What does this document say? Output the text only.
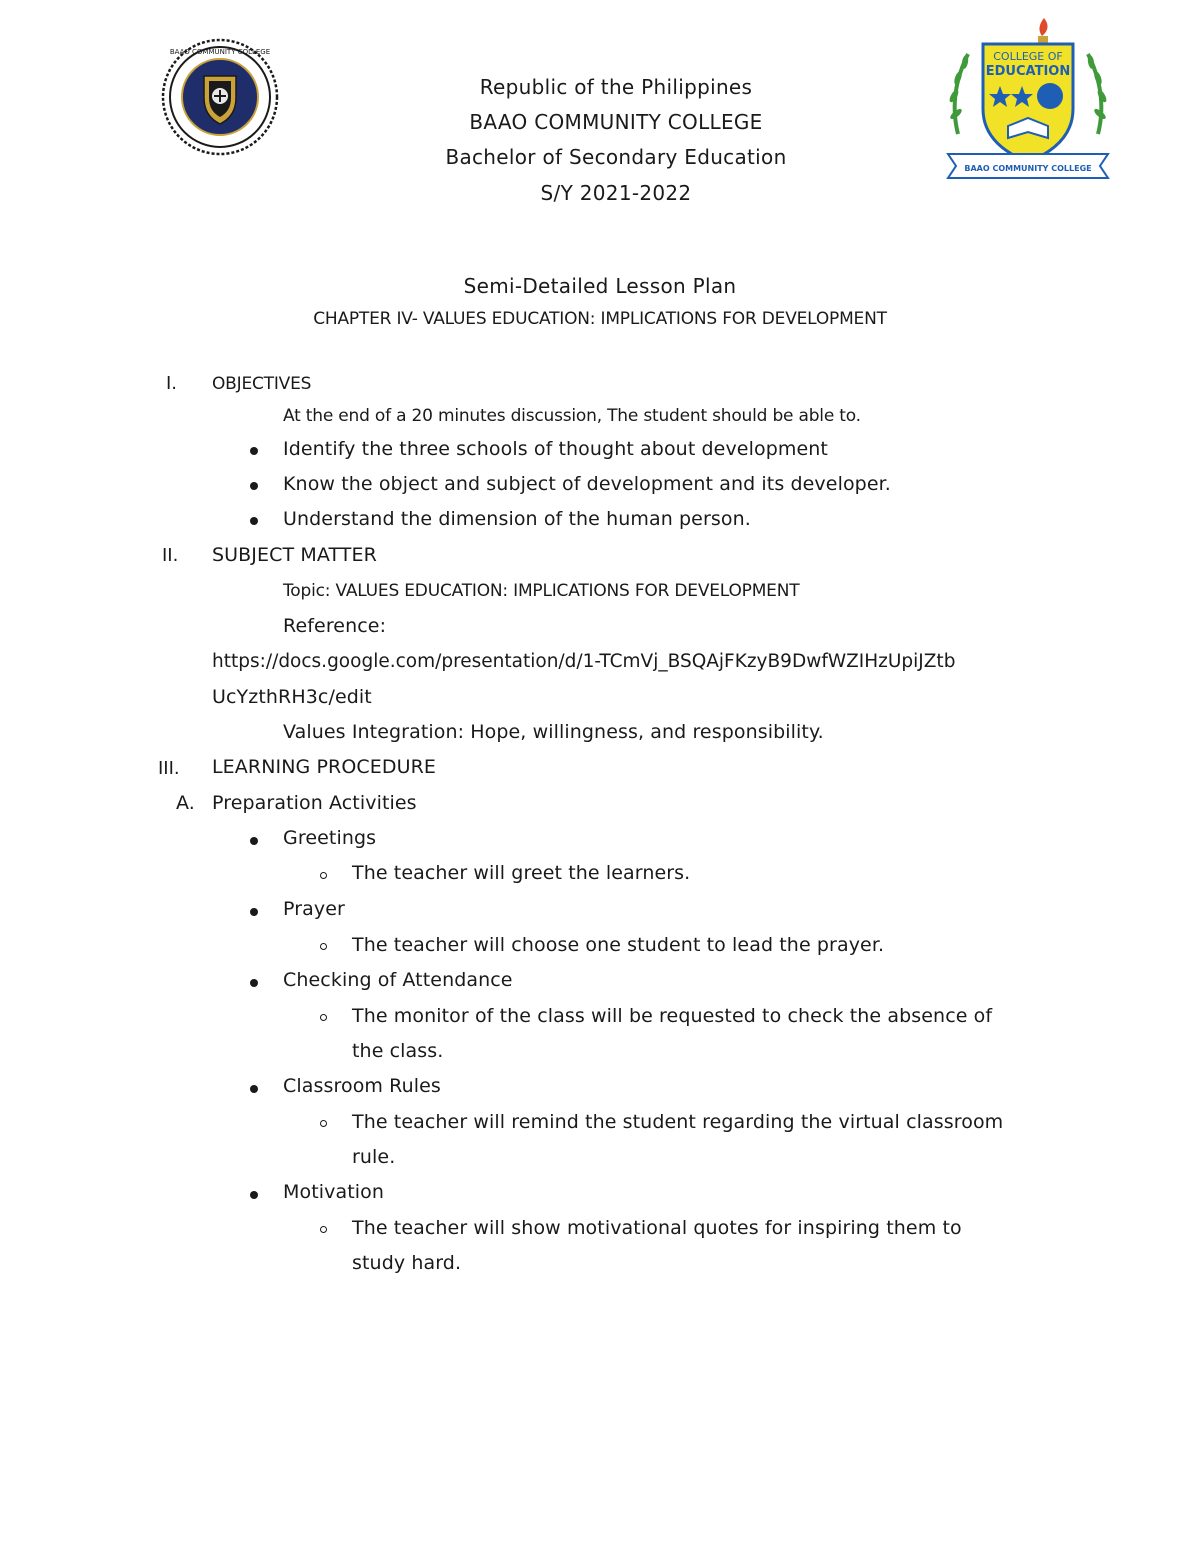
BAAO COMMUNITY COLLEGE	COLLEGE OF
EDUCATION
BAAO COMMUNITY COLLEGE
Republic of the Philippines
BAAO COMMUNITY COLLEGE
Bachelor of Secondary Education
S/Y 2021-2022
Semi-Detailed Lesson Plan
CHAPTER IV- VALUES EDUCATION: IMPLICATIONS FOR DEVELOPMENT
I. OBJECTIVES
At the end of a 20 minutes discussion, The student should be able to.
Identify the three schools of thought about development
Know the object and subject of development and its developer.
Understand the dimension of the human person.
II. SUBJECT MATTER
Topic: VALUES EDUCATION: IMPLICATIONS FOR DEVELOPMENT
Reference:
https://docs.google.com/presentation/d/1-TCmVj_BSQAjFKzyB9DwfWZIHzUpiJZtb
UcYzthRH3c/edit
Values Integration: Hope, willingness, and responsibility.
III. LEARNING PROCEDURE
A. Preparation Activities
Greetings
The teacher will greet the learners.
Prayer
The teacher will choose one student to lead the prayer.
Checking of Attendance
The monitor of the class will be requested to check the absence of
the class.
Classroom Rules
The teacher will remind the student regarding the virtual classroom
rule.
Motivation
The teacher will show motivational quotes for inspiring them to
study hard.
